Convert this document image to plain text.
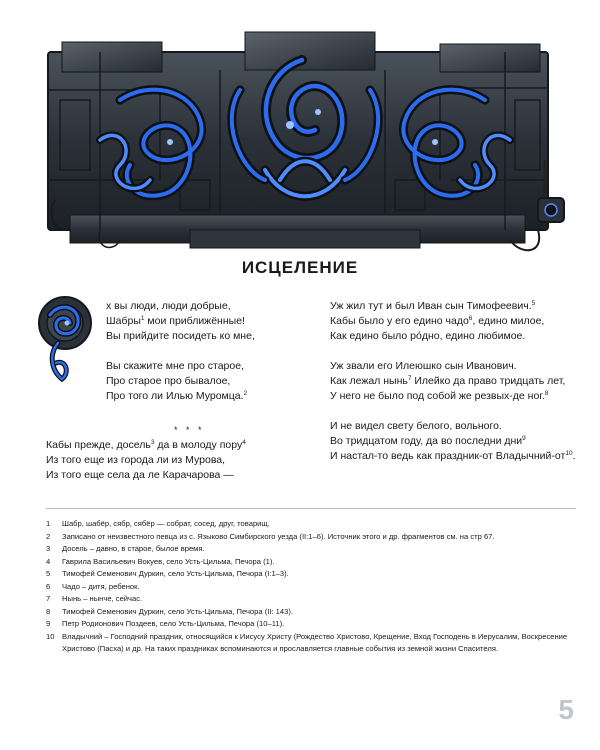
ИСЦЕЛЕНИЕ
х вы люди, люди добрые,
Шабры$^1$ мои приближённые!
Вы прийдите посидеть ко мне,
Вы скажите мне про старое,
Про старое про бывалое,
Про того ли Илью Муромца.$^2$
* * *
Кабы прежде, досель$^3$ да в молоду пору$^4$
Из того еще из города ли из Мурова,
Из того еще села да ле Карачарова —
Уж жил тут и был Иван сын Тимофеевич.$^5$
Кабы было у его едино чадо$^6$, едино милое,
Как едино было ро́дно, едино любимое.
Уж звали его Илеюшко сын Иванович.
Как лежал нынь$^7$ Илейко да право тридцать лет,
У него не было под собой же резвых-де ног.$^8$
И не видел свету белого, вольного.
Во тридцатом году, да во последни дни$^9$
И настал-то ведь как праздник-от Владычний-$от^{10}$.
1	Шабр, шабёр, сябр, сябёр — собрат, сосед, друг, товарищ.
2	Записано от неизвестного певца из с. Языково Симбирского уезда (II:1–6). Источник этого и др. фрагментов см. на стр 67.
3	Досель – давно, в старое, былое время.
4	Гаврила Васильевич Вокуев, село Усть-Цильма, Печора (1).
5	Тимофей Семенович Дуркин, село Усть-Цильма, Печора (I:1–3).
6	Чадо – дитя, ребенок.
7	Нынь – нынче, сейчас.
8	Тимофей Семенович Дуркин, село Усть-Цильма, Печора (II: 143).
9	Петр Родионович Поздеев, село Усть-Цильма, Печора (10–11).
10 Владычний – Господний праздник, относящийся к Иисусу Христу (Рождество Христово, Крещение, Вход Господень в Иерусалим, Воскресение Христово (Пасха) и др. На таких праздниках вспоминаются и прославляется главные события из земной жизни Спасителя.
5
